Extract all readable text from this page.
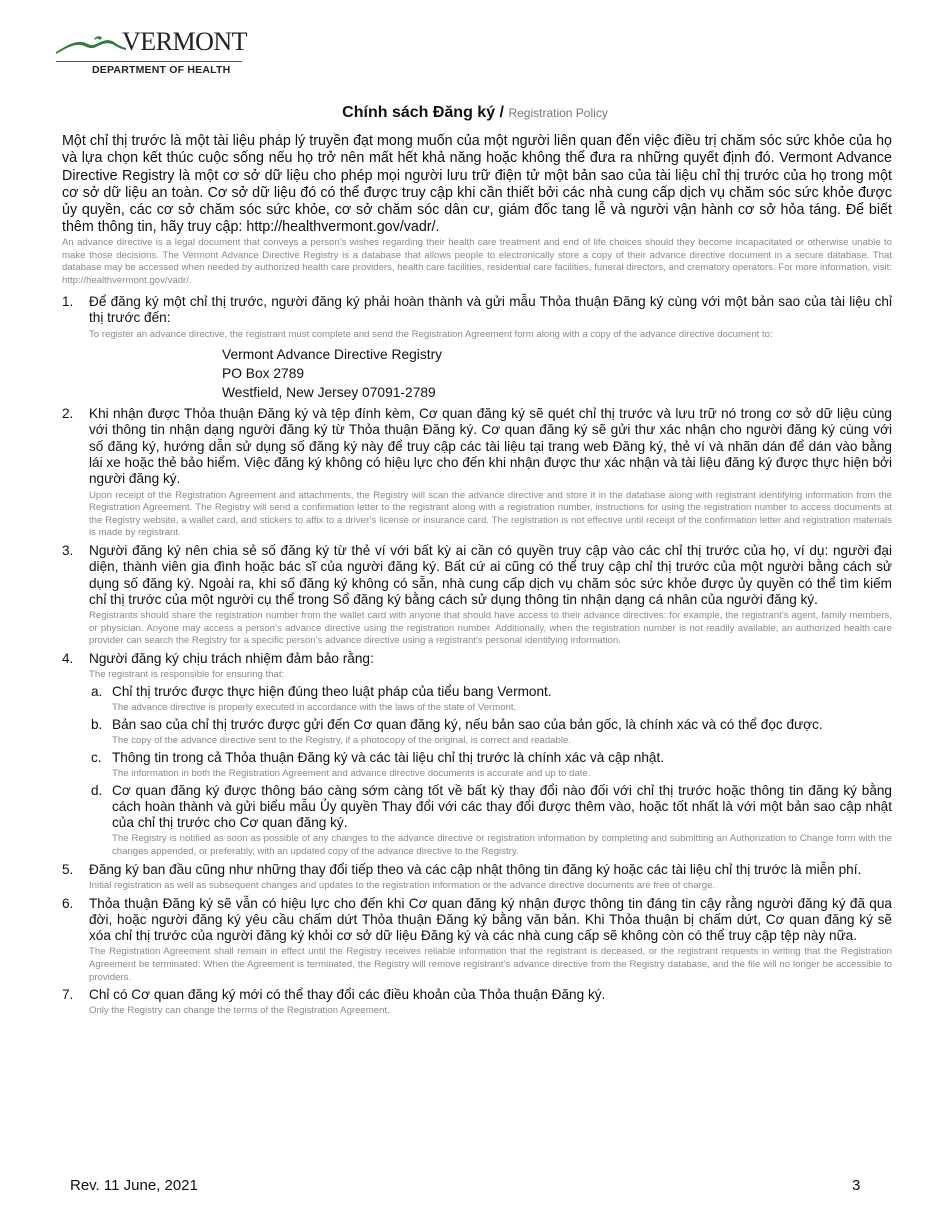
VERMONT
DEPARTMENT OF HEALTH
Chính sách Đăng ký / Registration Policy

Một chỉ thị trước là một tài liệu pháp lý truyền đạt mong muốn của một người liên quan đến việc điều trị chăm sóc sức khỏe của họ và lựa chọn kết thúc cuộc sống nếu họ trở nên mất hết khả năng hoặc không thể đưa ra những quyết định đó. Vermont Advance Directive Registry là một cơ sở dữ liệu cho phép mọi người lưu trữ điện tử một bản sao của tài liệu chỉ thị trước của họ trong một cơ sở dữ liệu an toàn. Cơ sở dữ liệu đó có thể được truy cập khi cần thiết bởi các nhà cung cấp dịch vụ chăm sóc sức khỏe được ủy quyền, các cơ sở chăm sóc sức khỏe, cơ sở chăm sóc dân cư, giám đốc tang lễ và người vận hành cơ sở hỏa táng. Để biết thêm thông tin, hãy truy cập: http://healthvermont.gov/vadr/.

An advance directive is a legal document that conveys a person’s wishes regarding their health care treatment and end of life choices should they become incapacitated or otherwise unable to make those decisions. The Vermont Advance Directive Registry is a database that allows people to electronically store a copy of their advance directive document in a secure database. That database may be accessed when needed by authorized health care providers, health care facilities, residential care facilities, funeral directors, and crematory operators. For more information, visit: http://healthvermont.gov/vadr/.

1. Để đăng ký một chỉ thị trước, người đăng ký phải hoàn thành và gửi mẫu Thỏa thuận Đăng ký cùng với một bản sao của tài liệu chỉ thị trước đến:

To register an advance directive, the registrant must complete and send the Registration Agreement form along with a copy of the advance directive document to:

Vermont Advance Directive Registry
PO Box 2789
Westfield, New Jersey 07091-2789
2. Khi nhận được Thỏa thuận Đăng ký và tệp đính kèm, Cơ quan đăng ký sẽ quét chỉ thị trước và lưu trữ nó trong cơ sở dữ liệu cùng với thông tin nhận dạng người đăng ký từ Thỏa thuận Đăng ký. Cơ quan đăng ký sẽ gửi thư xác nhận cho người đăng ký cùng với số đăng ký, hướng dẫn sử dụng số đăng ký này để truy cập các tài liệu tại trang web Đăng ký, thẻ ví và nhãn dán để dán vào bằng lái xe hoặc thẻ bảo hiểm. Việc đăng ký không có hiệu lực cho đến khi nhận được thư xác nhận và tài liệu đăng ký được thực hiện bởi người đăng ký.

Upon receipt of the Registration Agreement and attachments, the Registry will scan the advance directive and store it in the database along with registrant identifying information from the Registration Agreement. The Registry will send a confirmation letter to the registrant along with a registration number, instructions for using the registration number to access documents at the Registry website, a wallet card, and stickers to affix to a driver’s license or insurance card. The registration is not effective until receipt of the confirmation letter and registration materials is made by registrant.

3. Người đăng ký nên chia sẻ số đăng ký từ thẻ ví với bất kỳ ai cần có quyền truy cập vào các chỉ thị trước của họ, ví dụ: người đại diện, thành viên gia đình hoặc bác sĩ của người đăng ký. Bất cứ ai cũng có thể truy cập chỉ thị trước của một người bằng cách sử dụng số đăng ký. Ngoài ra, khi số đăng ký không có sẵn, nhà cung cấp dịch vụ chăm sóc sức khỏe được ủy quyền có thể tìm kiếm chỉ thị trước của một người cụ thể trong Sổ đăng ký bằng cách sử dụng thông tin nhận dạng cá nhân của người đăng ký.

Registrants should share the registration number from the wallet card with anyone that should have access to their advance directives: for example, the registrant’s agent, family members, or physician. Anyone may access a person’s advance directive using the registration number. Additionally, when the registration number is not readily available, an authorized health care provider can search the Registry for a specific person’s advance directive using a registrant’s personal identifying information.

4. Người đăng ký chịu trách nhiệm đảm bảo rằng:

The registrant is responsible for ensuring that:

a. Chỉ thị trước được thực hiện đúng theo luật pháp của tiểu bang Vermont.

The advance directive is properly executed in accordance with the laws of the state of Vermont.

b. Bản sao của chỉ thị trước được gửi đến Cơ quan đăng ký, nếu bản sao của bản gốc, là chính xác và có thể đọc được.

The copy of the advance directive sent to the Registry, if a photocopy of the original, is correct and readable.

c. Thông tin trong cả Thỏa thuận Đăng ký và các tài liệu chỉ thị trước là chính xác và cập nhật.

The information in both the Registration Agreement and advance directive documents is accurate and up to date.

d. Cơ quan đăng ký được thông báo càng sớm càng tốt về bất kỳ thay đổi nào đối với chỉ thị trước hoặc thông tin đăng ký bằng cách hoàn thành và gửi biểu mẫu Ủy quyền Thay đổi với các thay đổi được thêm vào, hoặc tốt nhất là với một bản sao cập nhật của chỉ thị trước cho Cơ quan đăng ký.

The Registry is notified as soon as possible of any changes to the advance directive or registration information by completing and submitting an Authorization to Change form with the changes appended, or preferably, with an updated copy of the advance directive to the Registry.

5. Đăng ký ban đầu cũng như những thay đổi tiếp theo và các cập nhật thông tin đăng ký hoặc các tài liệu chỉ thị trước là miễn phí.

Initial registration as well as subsequent changes and updates to the registration information or the advance directive documents are free of charge.

6. Thỏa thuận Đăng ký sẽ vẫn có hiệu lực cho đến khi Cơ quan đăng ký nhận được thông tin đáng tin cậy rằng người đăng ký đã qua đời, hoặc người đăng ký yêu cầu chấm dứt Thỏa thuận Đăng ký bằng văn bản. Khi Thỏa thuận bị chấm dứt, Cơ quan đăng ký sẽ xóa chỉ thị trước của người đăng ký khỏi cơ sở dữ liệu Đăng ký và các nhà cung cấp sẽ không còn có thể truy cập tệp này nữa.

The Registration Agreement shall remain in effect until the Registry receives reliable information that the registrant is deceased, or the registrant requests in writing that the Registration Agreement be terminated. When the Agreement is terminated, the Registry will remove registrant’s advance directive from the Registry database, and the file will no longer be accessible to providers.

7. Chỉ có Cơ quan đăng ký mới có thể thay đổi các điều khoản của Thỏa thuận Đăng ký.

Only the Registry can change the terms of the Registration Agreement.

Rev. 11 June, 2021	3
